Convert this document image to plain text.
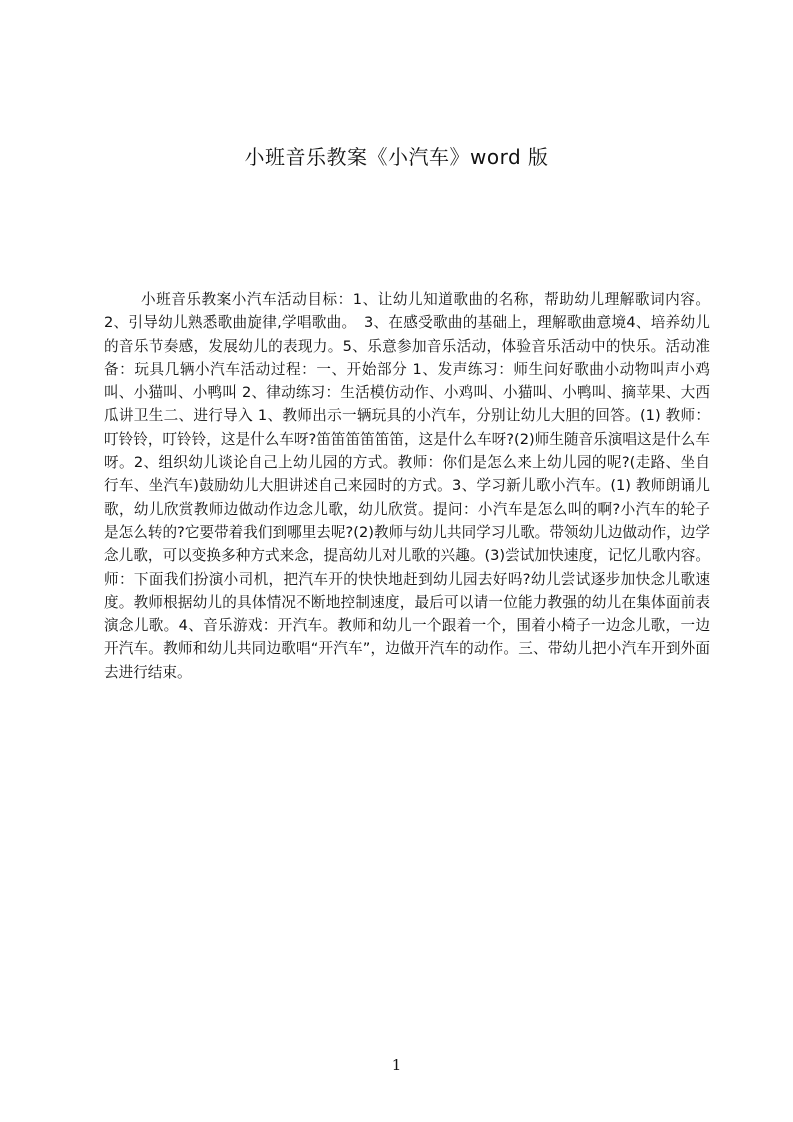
小班音乐教案《小汽车》word 版

小班音乐教案小汽车活动目标：1、让幼儿知道歌曲的名称，帮助幼儿理解歌词内容。2、引导幼儿熟悉歌曲旋律,学唱歌曲。　3、在感受歌曲的基础上，理解歌曲意境4、培养幼儿的音乐节奏感，发展幼儿的表现力。5、乐意参加音乐活动，体验音乐活动中的快乐。活动准备：玩具几辆小汽车活动过程：一、开始部分 1、发声练习：师生问好歌曲小动物叫声小鸡叫、小猫叫、小鸭叫 2、律动练习：生活模仿动作、小鸡叫、小猫叫、小鸭叫、摘苹果、大西瓜讲卫生二、进行导入 1、教师出示一辆玩具的小汽车，分别让幼儿大胆的回答。(1) 教师：叮铃铃，叮铃铃，这是什么车呀?笛笛笛笛笛笛，这是什么车呀?(2)师生随音乐演唱这是什么车呀。2、组织幼儿谈论自己上幼儿园的方式。教师：你们是怎么来上幼儿园的呢?(走路、坐自行车、坐汽车)鼓励幼儿大胆讲述自己来园时的方式。3、学习新儿歌小汽车。(1) 教师朗诵儿歌，幼儿欣赏教师边做动作边念儿歌，幼儿欣赏。提问：小汽车是怎么叫的啊?小汽车的轮子是怎么转的?它要带着我们到哪里去呢?(2)教师与幼儿共同学习儿歌。带领幼儿边做动作，边学念儿歌，可以变换多种方式来念，提高幼儿对儿歌的兴趣。(3)尝试加快速度，记忆儿歌内容。师：下面我们扮演小司机，把汽车开的快快地赶到幼儿园去好吗?幼儿尝试逐步加快念儿歌速度。教师根据幼儿的具体情况不断地控制速度，最后可以请一位能力教强的幼儿在集体面前表演念儿歌。4、音乐游戏：开汽车。教师和幼儿一个跟着一个，围着小椅子一边念儿歌，一边开汽车。教师和幼儿共同边歌唱“开汽车”，边做开汽车的动作。三、带幼儿把小汽车开到外面去进行结束。

1
